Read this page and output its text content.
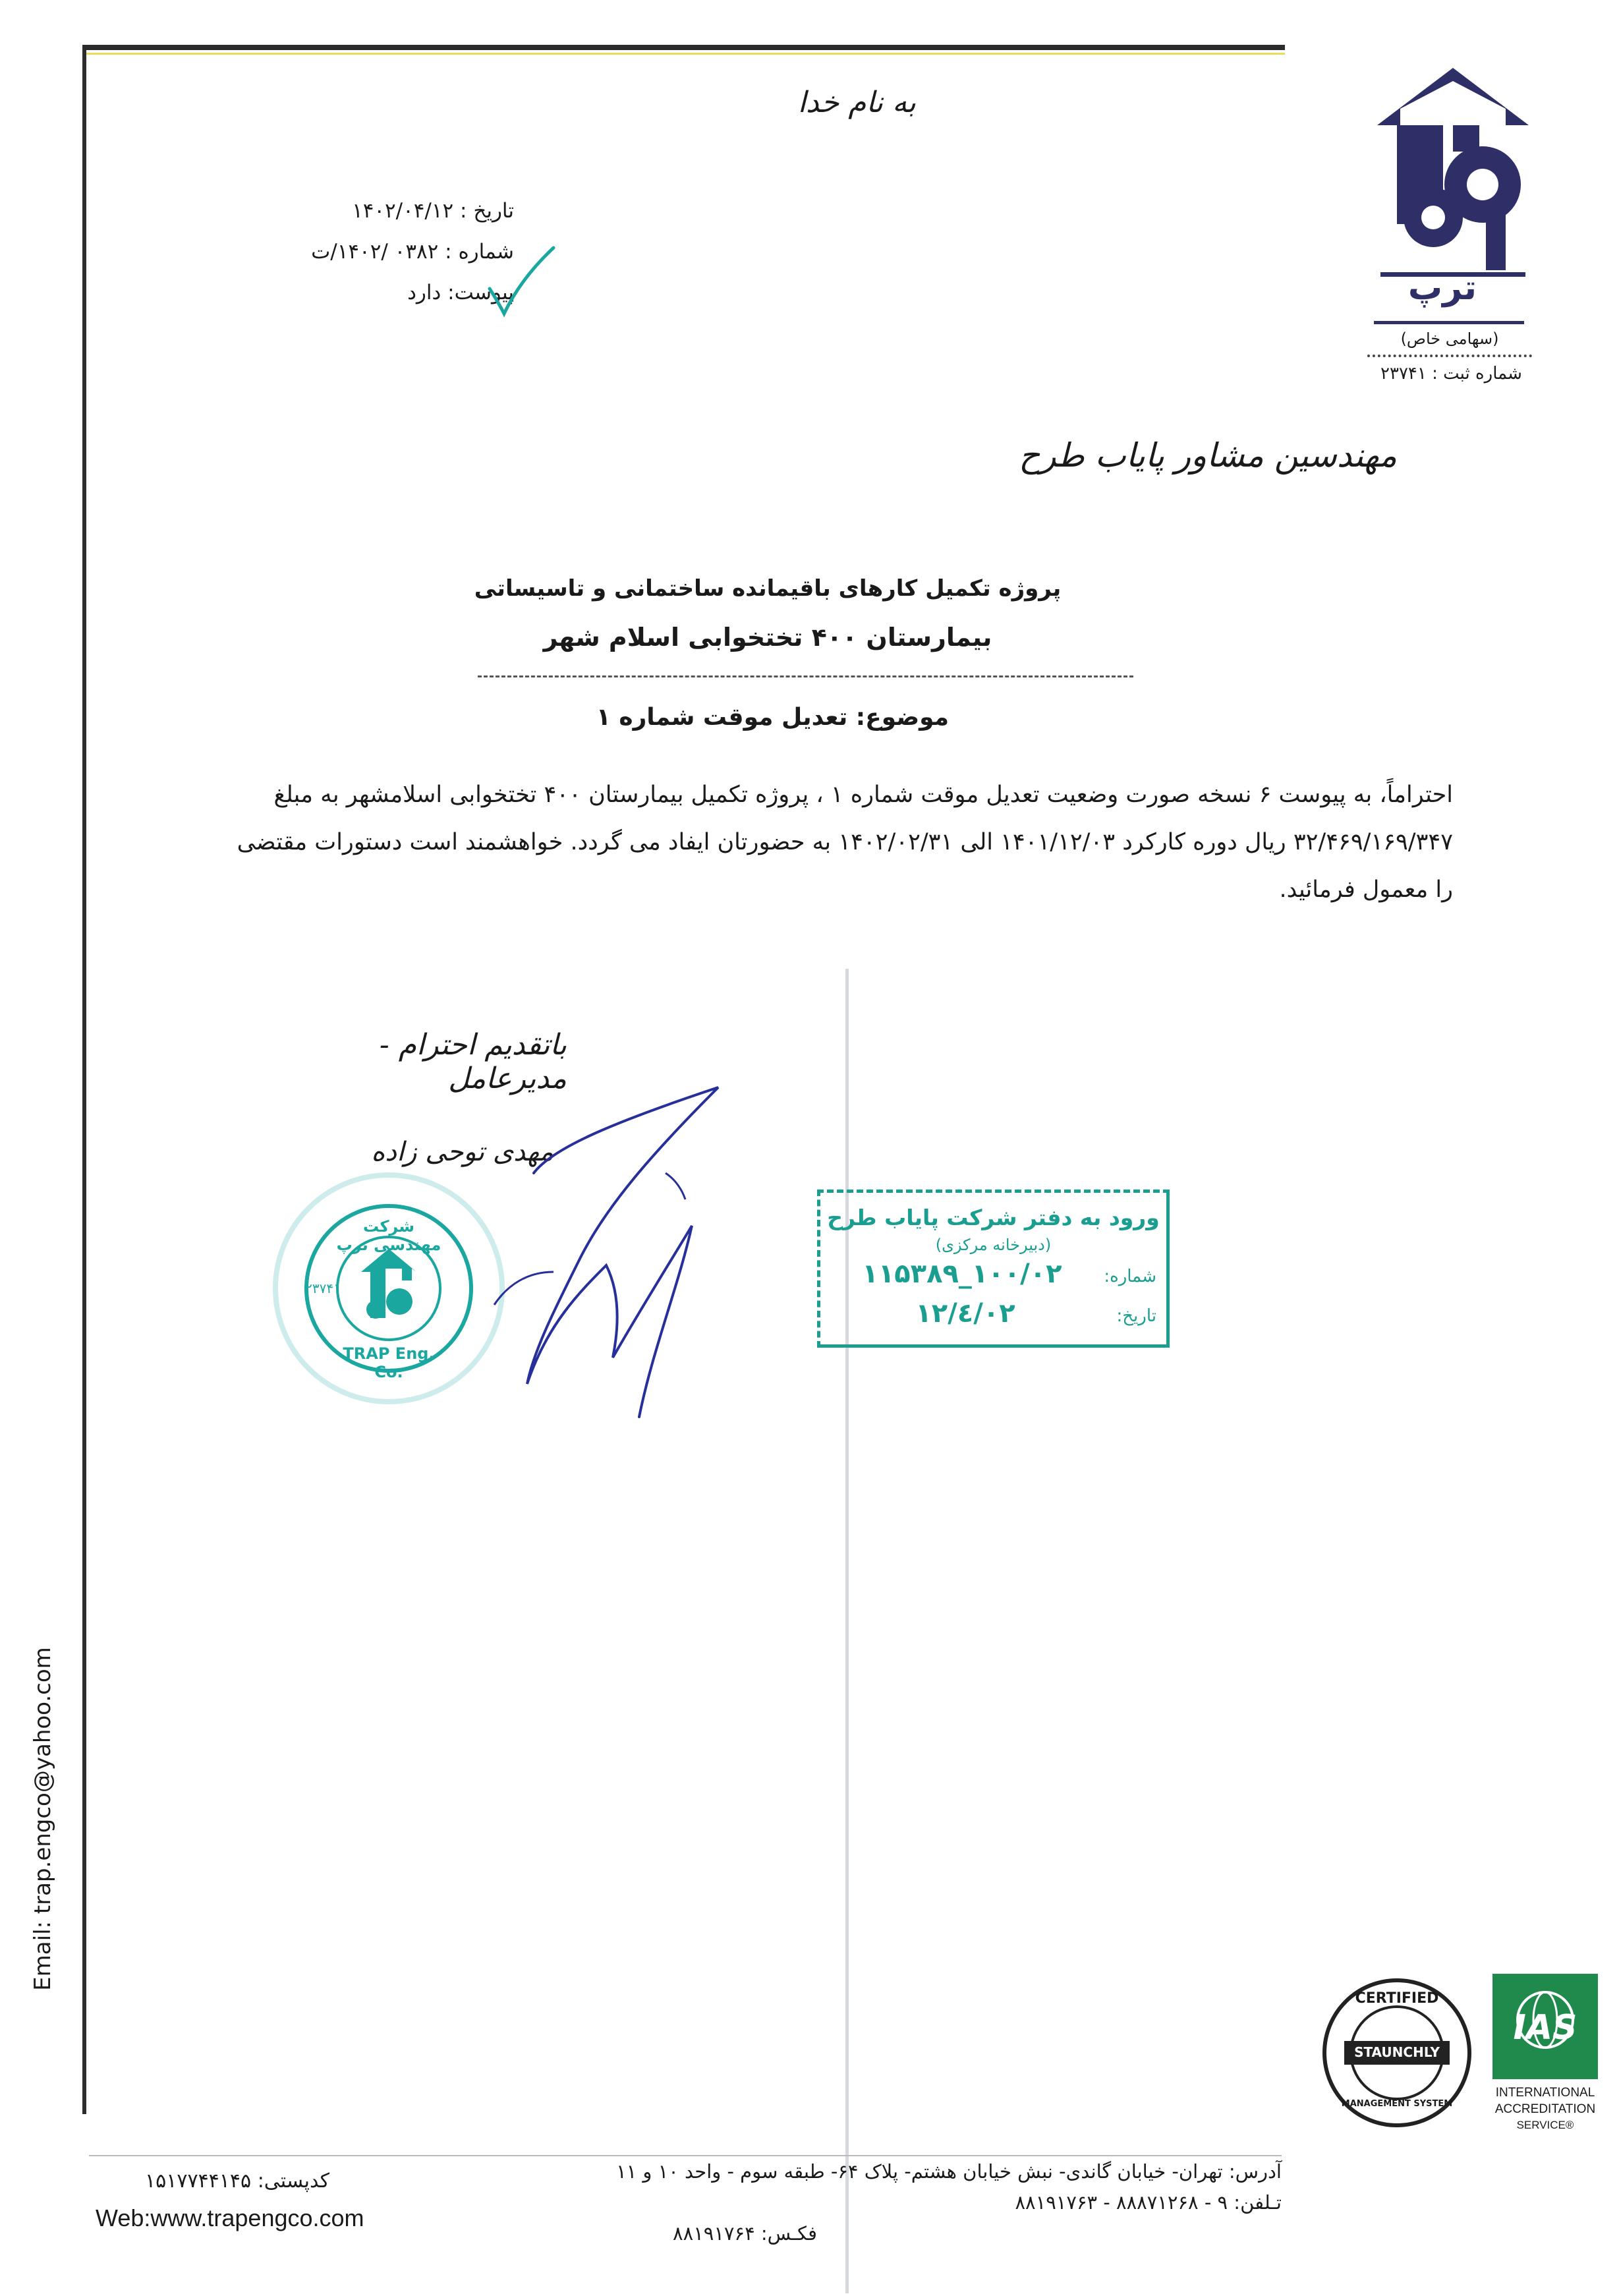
به نام خدا
تاریخ : ۱۴۰۲/۰۴/۱۲
شماره : ۰۳۸۲ /۱۴۰۲/ت
پیوست: دارد	ترپ
(سهامی خاص)
شماره ثبت : ۲۳۷۴۱
مهندسین مشاور پایاب طرح
پروژه تکمیل کارهای باقیمانده ساختمانی و تاسیساتی
بیمارستان ۴۰۰ تختخوابی اسلام شهر
موضوع: تعدیل موقت شماره ۱
احتراماً، به پیوست ۶ نسخه صورت وضعیت تعدیل موقت شماره ۱ ، پروژه تکمیل بیمارستان ۴۰۰ تختخوابی اسلامشهر به مبلغ
۳۲/۴۶۹/۱۶۹/۳۴۷ ریال دوره کارکرد ۱۴۰۱/۱۲/۰۳ الی ۱۴۰۲/۰۲/۳۱ به حضورتان ایفاد می گردد. خواهشمند است دستورات مقتضی
را معمول فرمائید.
باتقدیم احترام - مدیرعامل
مهدی توحی زاده
شرکت مهندسی ترپ
TRAP Eng. Co.
۲۳۷۴۱
ورود به دفتر شرکت پایاب طرح
(دبیرخانه مرکزی)
شماره:
۱۰۰/۰۲_۱۱۵۳۸۹
تاریخ:
۰۲/٤/۱۲
Email: trap.engco@yahoo.com
CERTIFIED
STAUNCHLY
MANAGEMENT SYSTEM
IAS
INTERNATIONAL
ACCREDITATION
SERVICE®
کدپستی: ۱۵۱۷۷۴۴۱۴۵
Web:www.trapengco.com
آدرس: تهران- خیابان گاندی- نبش خیابان هشتم- پلاک ۶۴- طبقه سوم - واحد ۱۰ و ۱۱
تـلفن: ۹ - ۸۸۸۷۱۲۶۸ - ۸۸۱۹۱۷۶۳
فکـس: ۸۸۱۹۱۷۶۴
